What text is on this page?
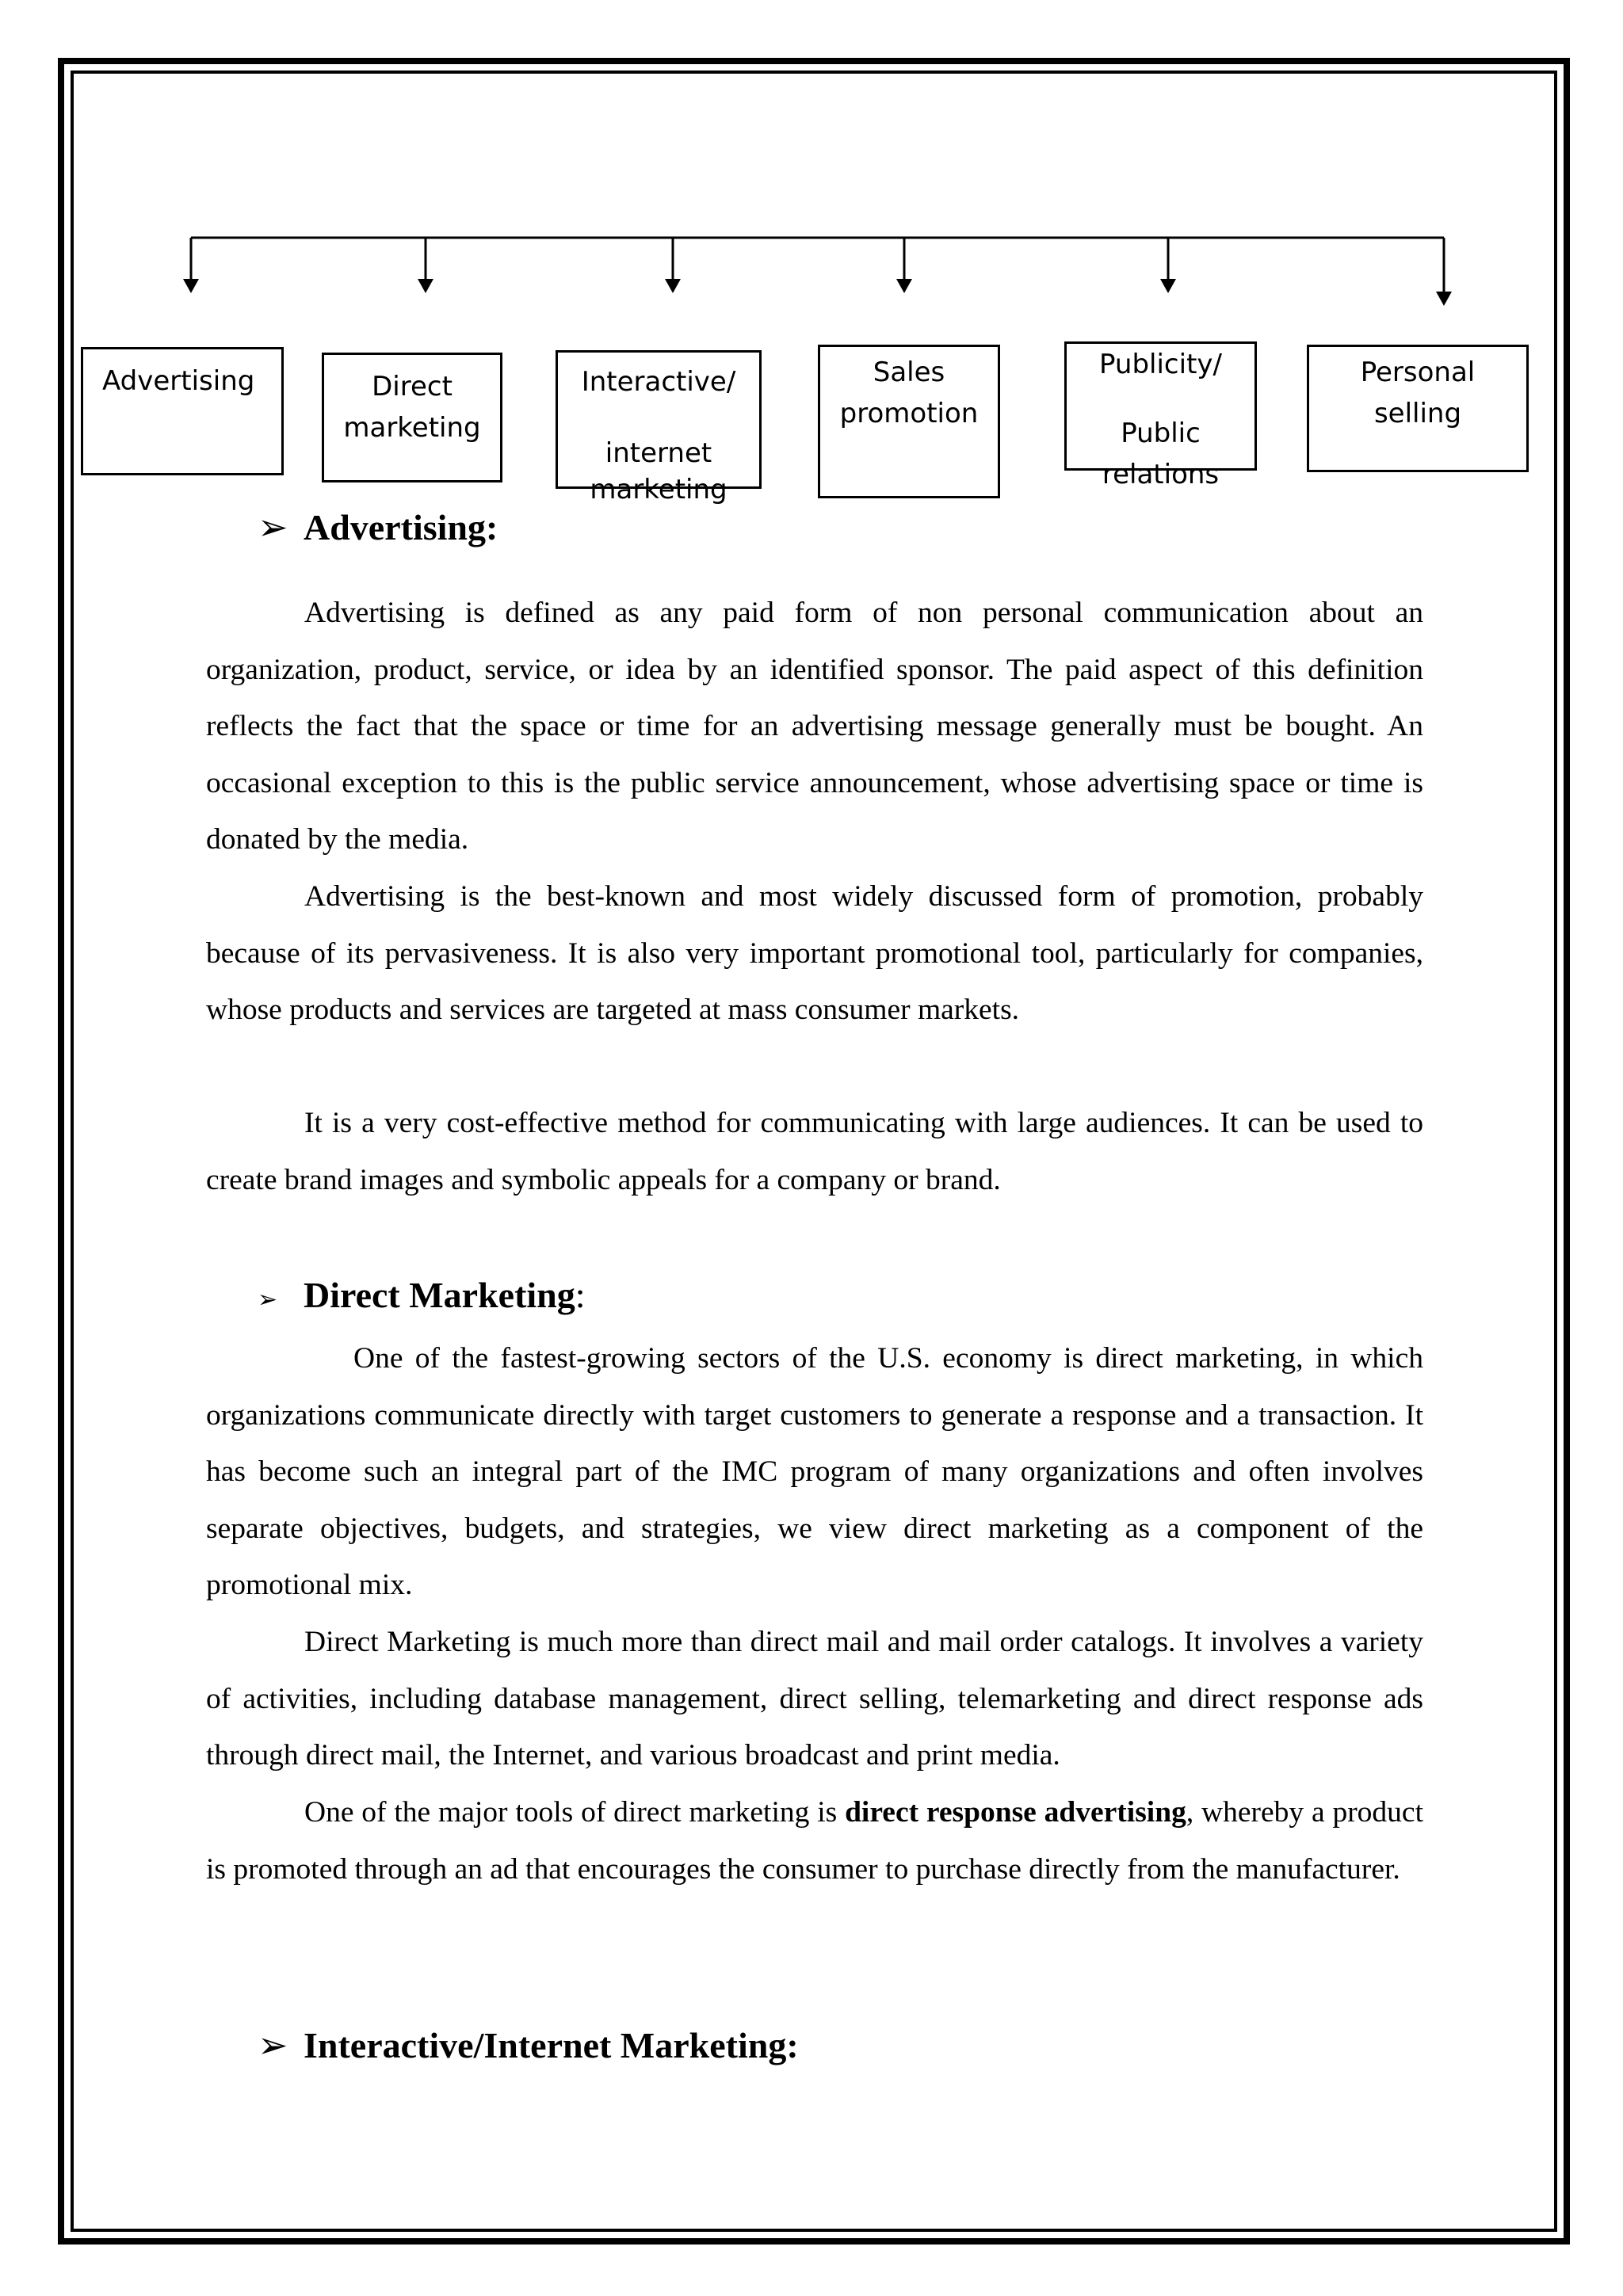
Advertising	Direct
marketing
Interactive/
internet
marketing
Sales
promotion
Publicity/
Public
relations
Personal
selling
➢ Advertising:

Advertising is defined as any paid form of non personal communication about an organization, product, service, or idea by an identified sponsor. The paid aspect of this definition reflects the fact that the space or time for an advertising message generally must be bought. An occasional exception to this is the public service announcement, whose advertising space or time is donated by the media.

Advertising is the best-known and most widely discussed form of promotion, probably because of its pervasiveness. It is also very important promotional tool, particularly for companies, whose products and services are targeted at mass consumer markets.

It is a very cost-effective method for communicating with large audiences. It can be used to create brand images and symbolic appeals for a company or brand.

➢ Direct Marketing:

One of the fastest-growing sectors of the U.S. economy is direct marketing, in which organizations communicate directly with target customers to generate a response and a transaction. It has become such an integral part of the IMC program of many organizations and often involves separate objectives, budgets, and strategies, we view direct marketing as a component of the promotional mix.

Direct Marketing is much more than direct mail and mail order catalogs. It involves a variety of activities, including database management, direct selling, telemarketing and direct response ads through direct mail, the Internet, and various broadcast and print media.

One of the major tools of direct marketing is direct response advertising, whereby a product is promoted through an ad that encourages the consumer to purchase directly from the manufacturer.

➢ Interactive/Internet Marketing:
